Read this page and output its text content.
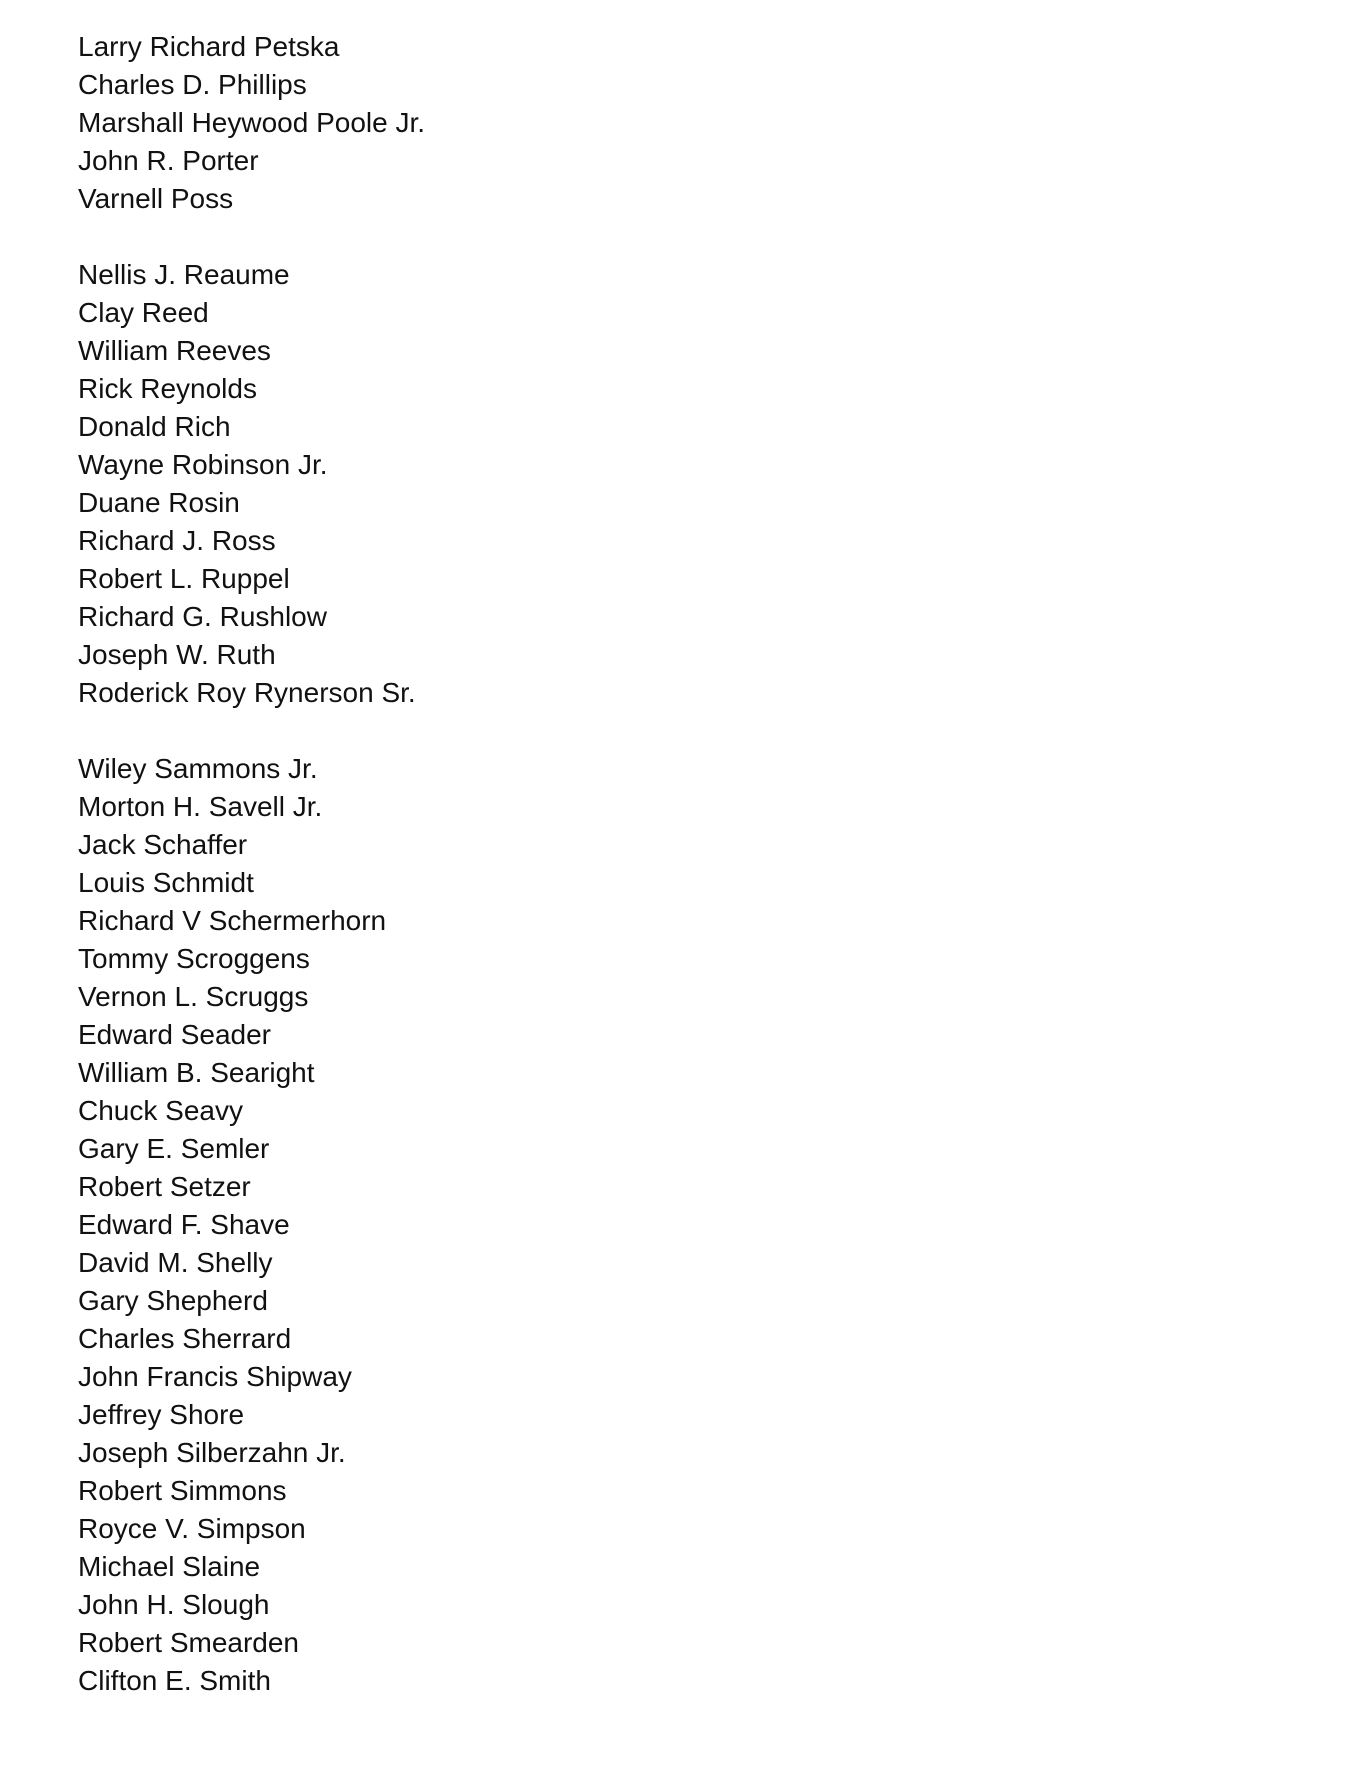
Larry Richard Petska
Charles D. Phillips
Marshall Heywood Poole Jr.
John R. Porter
Varnell Poss
Nellis J. Reaume
Clay Reed
William Reeves
Rick Reynolds
Donald Rich
Wayne Robinson Jr.
Duane Rosin
Richard J. Ross
Robert L. Ruppel
Richard G. Rushlow
Joseph W. Ruth
Roderick Roy Rynerson Sr.
Wiley Sammons Jr.
Morton H. Savell Jr.
Jack Schaffer
Louis Schmidt
Richard V Schermerhorn
Tommy Scroggens
Vernon L. Scruggs
Edward Seader
William B. Searight
Chuck Seavy
Gary E. Semler
Robert Setzer
Edward F. Shave
David M. Shelly
Gary Shepherd
Charles Sherrard
John Francis Shipway
Jeffrey Shore
Joseph Silberzahn Jr.
Robert Simmons
Royce V. Simpson
Michael Slaine
John H. Slough
Robert Smearden
Clifton E. Smith
